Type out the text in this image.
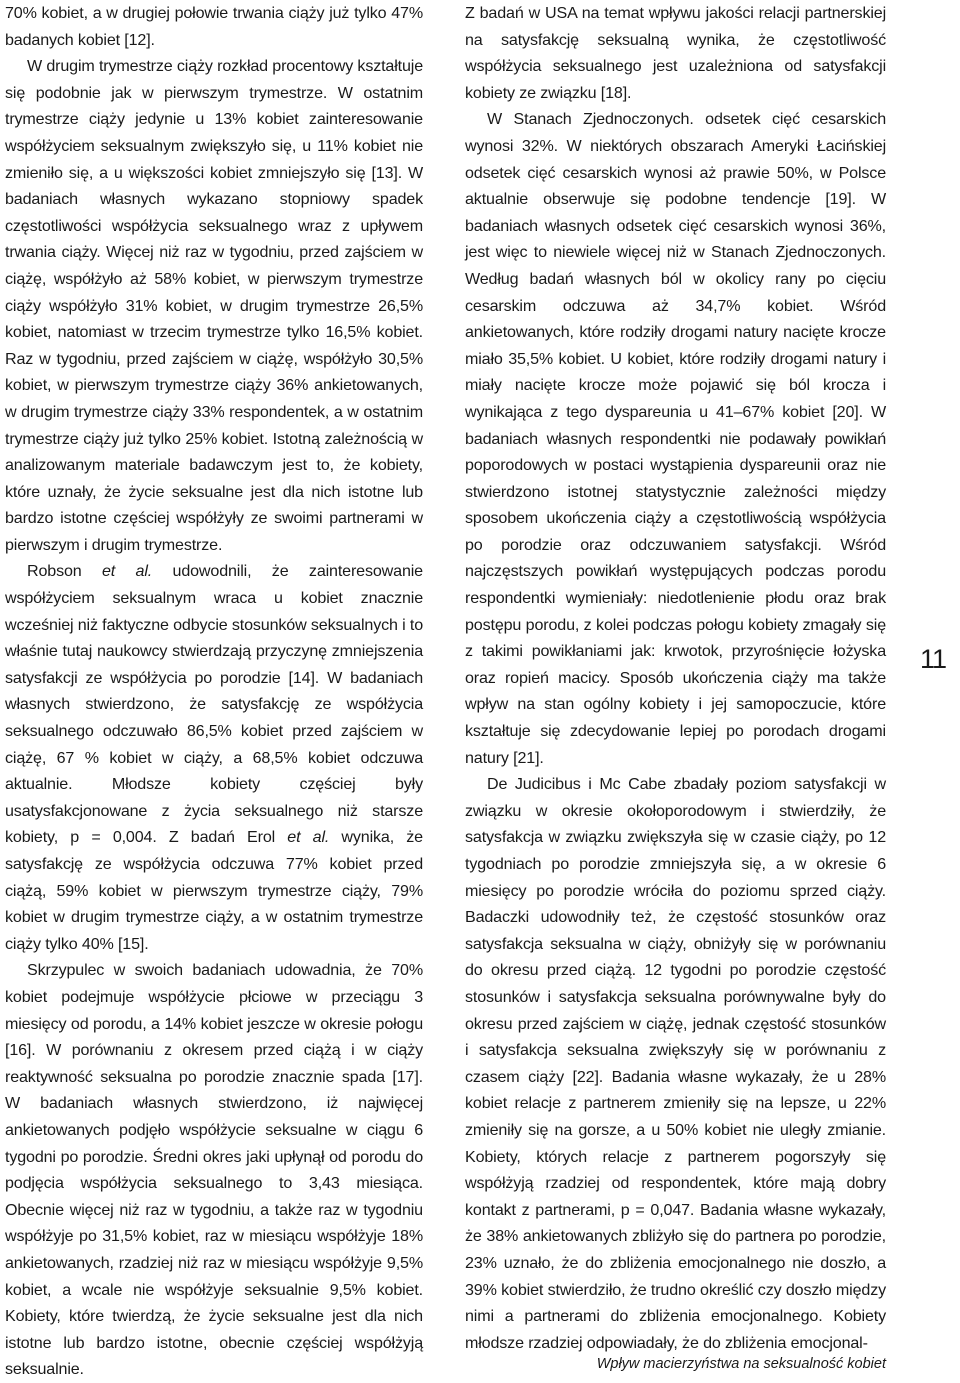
70% kobiet, a w drugiej połowie trwania ciąży już tylko 47% badanych kobiet [12].

W drugim trymestrze ciąży rozkład procentowy kształtuje się podobnie jak w pierwszym trymestrze. W ostatnim trymestrze ciąży jedynie u 13% kobiet zainteresowanie współżyciem seksualnym zwiększyło się, u 11% kobiet nie zmieniło się, a u większości kobiet zmniejszyło się [13]. W badaniach własnych wykazano stopniowy spadek częstotliwości współżycia seksualnego wraz z upływem trwania ciąży. Więcej niż raz w tygodniu, przed zajściem w ciążę, współżyło aż 58% kobiet, w pierwszym trymestrze ciąży współżyło 31% kobiet, w drugim trymestrze 26,5% kobiet, natomiast w trzecim trymestrze tylko 16,5% kobiet. Raz w tygodniu, przed zajściem w ciążę, współżyło 30,5% kobiet, w pierwszym trymestrze ciąży 36% ankietowanych, w drugim trymestrze ciąży 33% respondentek, a w ostatnim trymestrze ciąży już tylko 25% kobiet. Istotną zależnością w analizowanym materiale badawczym jest to, że kobiety, które uznały, że życie seksualne jest dla nich istotne lub bardzo istotne częściej współżyły ze swoimi partnerami w pierwszym i drugim trymestrze.

Robson et al. udowodnili, że zainteresowanie współżyciem seksualnym wraca u kobiet znacznie wcześniej niż faktyczne odbycie stosunków seksualnych i to właśnie tutaj naukowcy stwierdzają przyczynę zmniejszenia satysfakcji ze współżycia po porodzie [14]. W badaniach własnych stwierdzono, że satysfakcję ze współżycia seksualnego odczuwało 86,5% kobiet przed zajściem w ciążę, 67 % kobiet w ciąży, a 68,5% kobiet odczuwa aktualnie. Młodsze kobiety częściej były usatysfakcjonowane z życia seksualnego niż starsze kobiety, p = 0,004. Z badań Erol et al. wynika, że satysfakcję ze współżycia odczuwa 77% kobiet przed ciążą, 59% kobiet w pierwszym trymestrze ciąży, 79% kobiet w drugim trymestrze ciąży, a w ostatnim trymestrze ciąży tylko 40% [15].

Skrzypulec w swoich badaniach udowadnia, że 70% kobiet podejmuje współżycie płciowe w przeciągu 3 miesięcy od porodu, a 14% kobiet jeszcze w okresie połogu [16]. W porównaniu z okresem przed ciążą i w ciąży reaktywność seksualna po porodzie znacznie spada [17]. W badaniach własnych stwierdzono, iż najwięcej ankietowanych podjęło współżycie seksualne w ciągu 6 tygodni po porodzie. Średni okres jaki upłynął od porodu do podjęcia współżycia seksualnego to 3,43 miesiąca. Obecnie więcej niż raz w tygodniu, a także raz w tygodniu współżyje po 31,5% kobiet, raz w miesiącu współżyje 18% ankietowanych, rzadziej niż raz w miesiącu współżyje 9,5% kobiet, a wcale nie współżyje seksualnie 9,5% kobiet. Kobiety, które twierdzą, że życie seksualne jest dla nich istotne lub bardzo istotne, obecnie częściej współżyją seksualnie.

Z badań w USA na temat wpływu jakości relacji partnerskiej na satysfakcję seksualną wynika, że częstotliwość współżycia seksualnego jest uzależniona od satysfakcji kobiety ze związku [18].

W Stanach Zjednoczonych. odsetek cięć cesarskich wynosi 32%. W niektórych obszarach Ameryki Łacińskiej odsetek cięć cesarskich wynosi aż prawie 50%, w Polsce aktualnie obserwuje się podobne tendencje [19]. W badaniach własnych odsetek cięć cesarskich wynosi 36%, jest więc to niewiele więcej niż w Stanach Zjednoczonych. Według badań własnych ból w okolicy rany po cięciu cesarskim odczuwa aż 34,7% kobiet. Wśród ankietowanych, które rodziły drogami natury nacięte krocze miało 35,5% kobiet. U kobiet, które rodziły drogami natury i miały nacięte krocze może pojawić się ból krocza i wynikająca z tego dyspareunia u 41–67% kobiet [20]. W badaniach własnych respondentki nie podawały powikłań poporodowych w postaci wystąpienia dyspareunii oraz nie stwierdzono istotnej statystycznie zależności między sposobem ukończenia ciąży a częstotliwością współżycia po porodzie oraz odczuwaniem satysfakcji. Wśród najczęstszych powikłań występujących podczas porodu respondentki wymieniały: niedotlenienie płodu oraz brak postępu porodu, z kolei podczas połogu kobiety zmagały się z takimi powikłaniami jak: krwotok, przyrośnięcie łożyska oraz ropień macicy. Sposób ukończenia ciąży ma także wpływ na stan ogólny kobiety i jej samopoczucie, które kształtuje się zdecydowanie lepiej po porodach drogami natury [21].

De Judicibus i Mc Cabe zbadały poziom satysfakcji w związku w okresie okołoporodowym i stwierdziły, że satysfakcja w związku zwiększyła się w czasie ciąży, po 12 tygodniach po porodzie zmniejszyła się, a w okresie 6 miesięcy po porodzie wróciła do poziomu sprzed ciąży. Badaczki udowodniły też, że częstość stosunków oraz satysfakcja seksualna w ciąży, obniżyły się w porównaniu do okresu przed ciążą. 12 tygodni po porodzie częstość stosunków i satysfakcja seksualna porównywalne były do okresu przed zajściem w ciążę, jednak częstość stosunków i satysfakcja seksualna zwiększyły się w porównaniu z czasem ciąży [22]. Badania własne wykazały, że u 28% kobiet relacje z partnerem zmieniły się na lepsze, u 22% zmieniły się na gorsze, a u 50% kobiet nie uległy zmianie. Kobiety, których relacje z partnerem pogorszyły się współżyją rzadziej od respondentek, które mają dobry kontakt z partnerami, p = 0,047. Badania własne wykazały, że 38% ankietowanych zbliżyło się do partnera po porodzie, 23% uznało, że do zbliżenia emocjonalnego nie doszło, a 39% kobiet stwierdziło, że trudno określić czy doszło między nimi a partnerami do zbliżenia emocjonalnego. Kobiety młodsze rzadziej odpowiadały, że do zbliżenia emocjonal-

11
Wpływ macierzyństwa na seksualność kobiet
